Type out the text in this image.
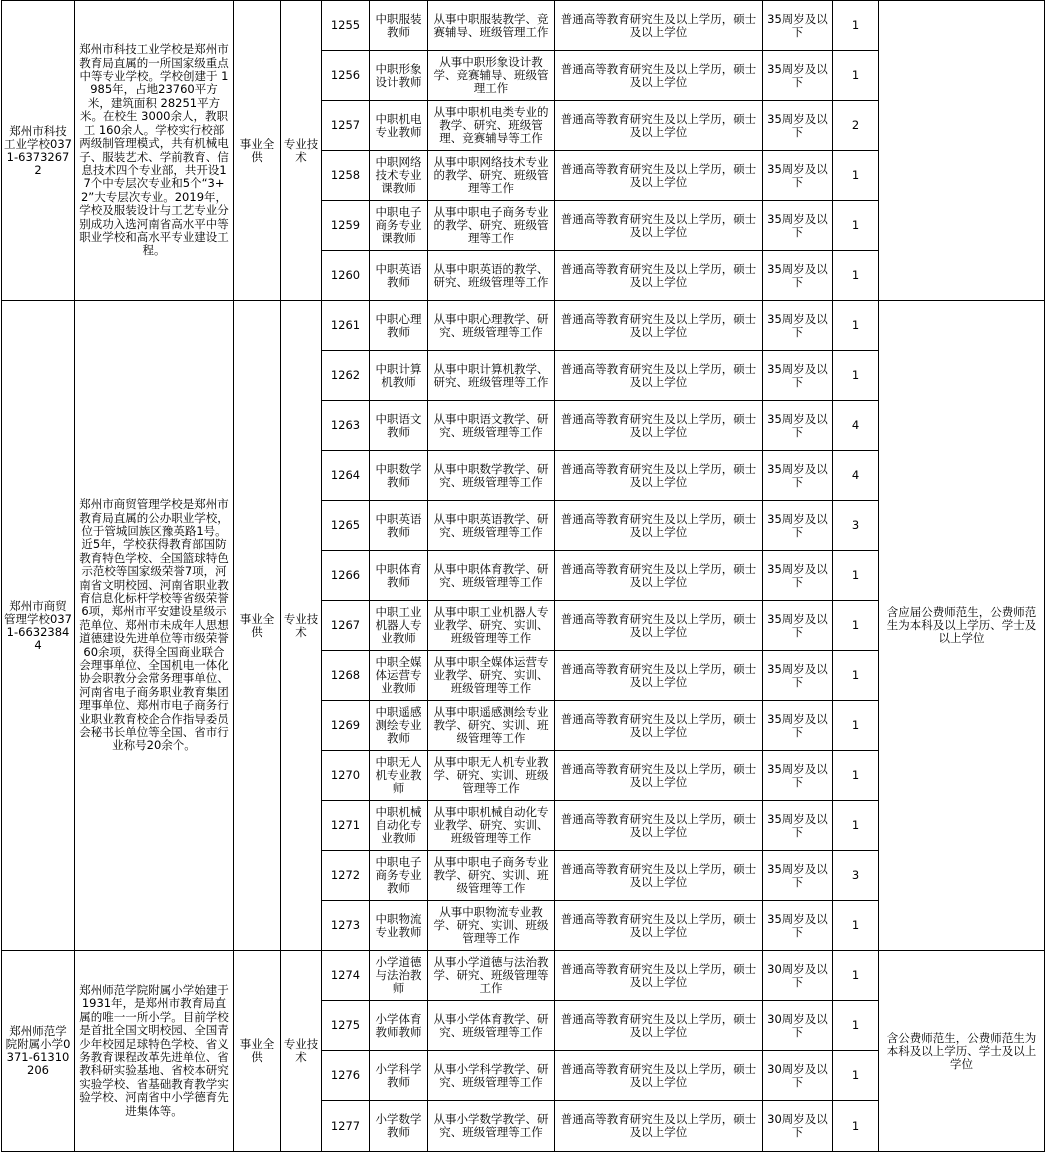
郑州市科技工业学校0371-63732672	郑州市科技工业学校是郑州市教育局直属的一所国家级重点中等专业学校。学校创建于 1985年，占地23760平方米，建筑面积 28251平方米。在校生 3000余人，教职工 160余人。学校实行校部两级制管理模式，共有机械电子、服装艺术、学前教育、信息技术四个专业部，共开设17个中专层次专业和5个“3+2”大专层次专业。2019年，学校及服装设计与工艺专业分别成功入选河南省高水平中等职业学校和高水平专业建设工程。	事业全供	专业技术	1255	中职服装教师	从事中职服装教学、竞赛辅导、班级管理工作	普通高等教育研究生及以上学历，硕士及以上学位	35周岁及以下	1	
				1256	中职形象设计教师	从事中职形象设计教学、竞赛辅导、班级管理工作	普通高等教育研究生及以上学历，硕士及以上学位	35周岁及以下	1	
				1257	中职机电专业教师	从事中职机电类专业的教学、研究、班级管理、竞赛辅导等工作	普通高等教育研究生及以上学历，硕士及以上学位	35周岁及以下	2	
				1258	中职网络技术专业课教师	从事中职网络技术专业的教学、研究、班级管理等工作	普通高等教育研究生及以上学历，硕士及以上学位	35周岁及以下	1	
				1259	中职电子商务专业课教师	从事中职电子商务专业的教学、研究、班级管理等工作	普通高等教育研究生及以上学历，硕士及以上学位	35周岁及以下	1	
				1260	中职英语教师	从事中职英语的教学、研究、班级管理等工作	普通高等教育研究生及以上学历，硕士及以上学位	35周岁及以下	1	
郑州市商贸管理学校0371-66323844	郑州市商贸管理学校是郑州市教育局直属的公办职业学校，位于管城回族区豫英路1号。近5年，学校获得教育部国防教育特色学校、全国篮球特色示范校等国家级荣誉7项，河南省文明校园、河南省职业教育信息化标杆学校等省级荣誉6项，郑州市平安建设星级示范单位、郑州市未成年人思想道德建设先进单位等市级荣誉60余项，获得全国商业联合会理事单位、全国机电一体化协会职教分会常务理事单位、河南省电子商务职业教育集团理事单位、郑州市电子商务行业职业教育校企合作指导委员会秘书长单位等全国、省市行业称号20余个。	事业全供	专业技术	1261	中职心理教师	从事中职心理教学、研究、班级管理等工作	普通高等教育研究生及以上学历，硕士及以上学位	35周岁及以下	1	含应届公费师范生，公费师范生为本科及以上学历、学士及以上学位
				1262	中职计算机教师	从事中职计算机教学、研究、班级管理等工作	普通高等教育研究生及以上学历，硕士及以上学位	35周岁及以下	1	
				1263	中职语文教师	从事中职语文教学、研究、班级管理等工作	普通高等教育研究生及以上学历，硕士及以上学位	35周岁及以下	4	
				1264	中职数学教师	从事中职数学教学、研究、班级管理等工作	普通高等教育研究生及以上学历，硕士及以上学位	35周岁及以下	4	
				1265	中职英语教师	从事中职英语教学、研究、班级管理等工作	普通高等教育研究生及以上学历，硕士及以上学位	35周岁及以下	3	
				1266	中职体育教师	从事中职体育教学、研究、班级管理等工作	普通高等教育研究生及以上学历，硕士及以上学位	35周岁及以下	1	
				1267	中职工业机器人专业教师	从事中职工业机器人专业教学、研究、实训、班级管理等工作	普通高等教育研究生及以上学历，硕士及以上学位	35周岁及以下	1	
				1268	中职全媒体运营专业教师	从事中职全媒体运营专业教学、研究、实训、班级管理等工作	普通高等教育研究生及以上学历，硕士及以上学位	35周岁及以下	1	
				1269	中职遥感测绘专业教师	从事中职遥感测绘专业教学、研究、实训、班级管理等工作	普通高等教育研究生及以上学历，硕士及以上学位	35周岁及以下	1	
				1270	中职无人机专业教师	从事中职无人机专业教学、研究、实训、班级管理等工作	普通高等教育研究生及以上学历，硕士及以上学位	35周岁及以下	1	
				1271	中职机械自动化专业教师	从事中职机械自动化专业教学、研究、实训、班级管理等工作	普通高等教育研究生及以上学历，硕士及以上学位	35周岁及以下	1	
				1272	中职电子商务专业教师	从事中职电子商务专业教学、研究、实训、班级管理等工作	普通高等教育研究生及以上学历，硕士及以上学位	35周岁及以下	3	
				1273	中职物流专业教师	从事中职物流专业教学、研究、实训、班级管理等工作	普通高等教育研究生及以上学历，硕士及以上学位	35周岁及以下	1	
郑州师范学院附属小学0371-61310206	郑州师范学院附属小学始建于1931年，是郑州市教育局直属的唯一一所小学。目前学校是首批全国文明校园、全国青少年校园足球特色学校、省义务教育课程改革先进单位、省教科研实验基地、省校本研究实验学校、省基础教育教学实验学校、河南省中小学德育先进集体等。	事业全供	专业技术	1274	小学道德与法治教师	从事小学道德与法治教学、研究、班级管理等工作	普通高等教育研究生及以上学历，硕士及以上学位	30周岁及以下	1	含公费师范生，公费师范生为本科及以上学历、学士及以上学位
				1275	小学体育教师教师	从事小学体育教学、研究、班级管理等工作	普通高等教育研究生及以上学历，硕士及以上学位	30周岁及以下	1	
				1276	小学科学教师	从事小学科学教学、研究、班级管理等工作	普通高等教育研究生及以上学历，硕士及以上学位	30周岁及以下	1	
				1277	小学数学教师	从事小学数学教学、研究、班级管理等工作	普通高等教育研究生及以上学历，硕士及以上学位	30周岁及以下	1	
